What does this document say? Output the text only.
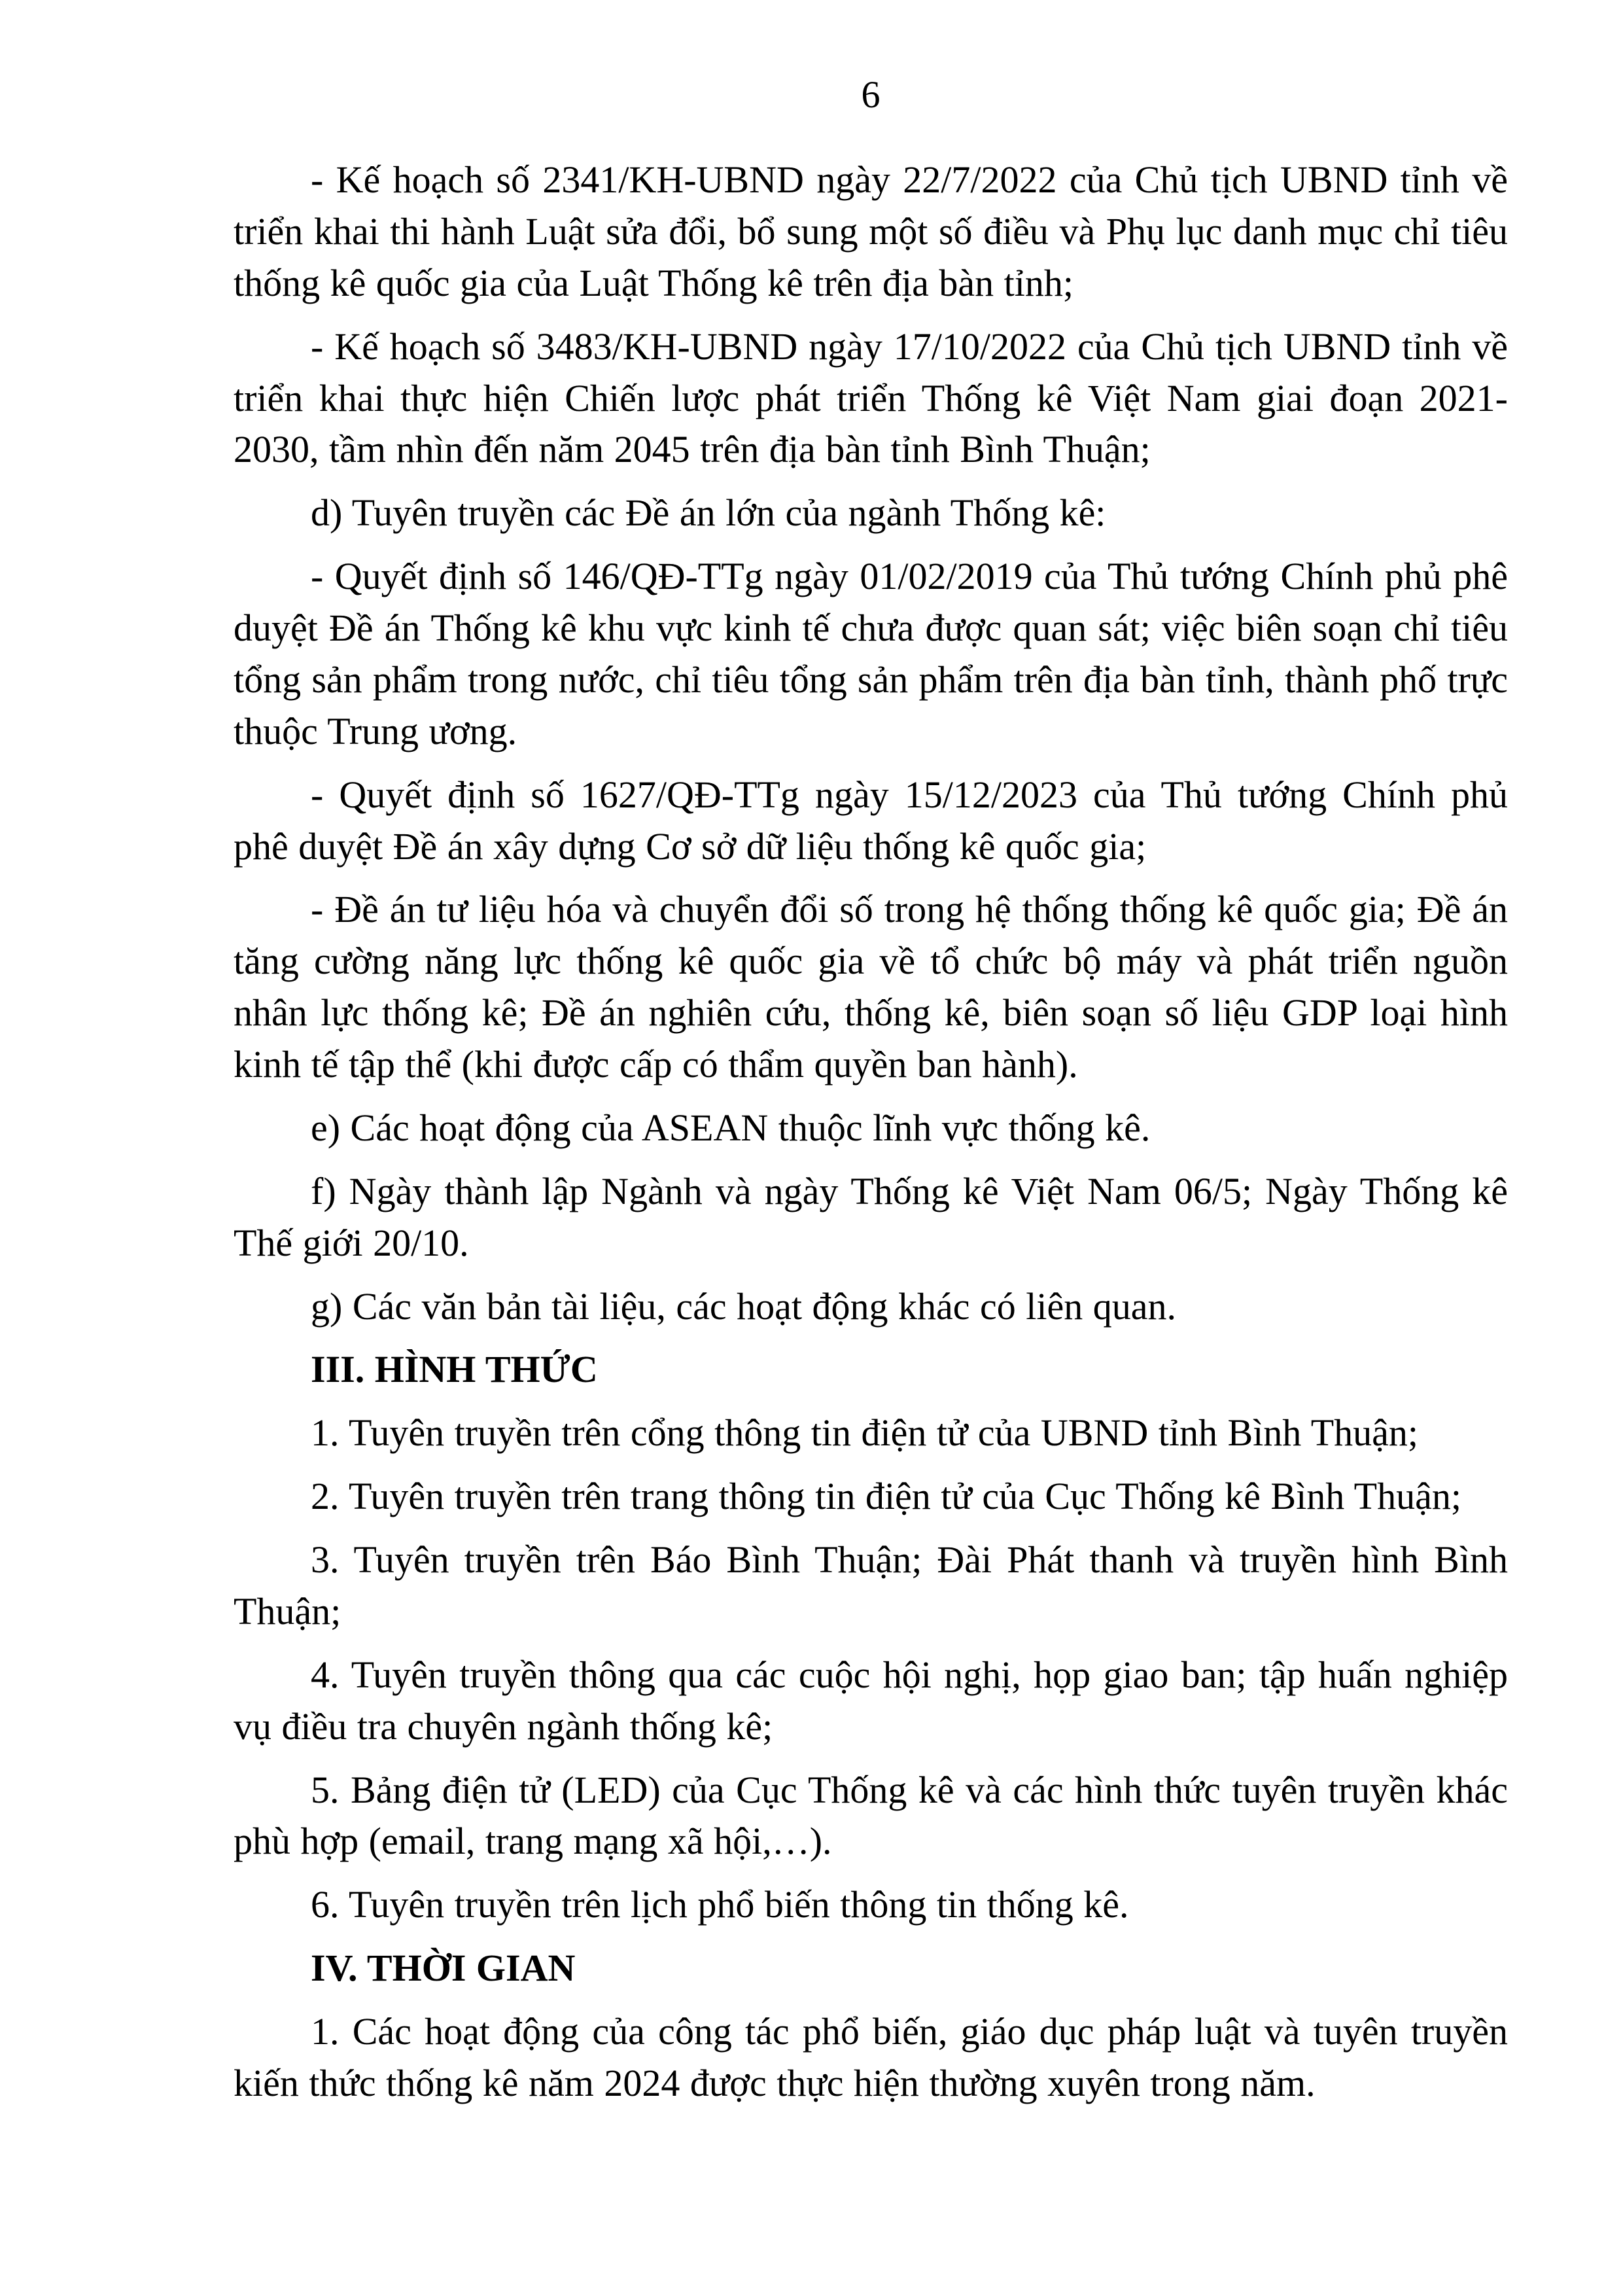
6

- Kế hoạch số 2341/KH-UBND ngày 22/7/2022 của Chủ tịch UBND tỉnh về triển khai thi hành Luật sửa đổi, bổ sung một số điều và Phụ lục danh mục chỉ tiêu thống kê quốc gia của Luật Thống kê trên địa bàn tỉnh;

- Kế hoạch số 3483/KH-UBND ngày 17/10/2022 của Chủ tịch UBND tỉnh về triển khai thực hiện Chiến lược phát triển Thống kê Việt Nam giai đoạn 2021-2030, tầm nhìn đến năm 2045 trên địa bàn tỉnh Bình Thuận;

d) Tuyên truyền các Đề án lớn của ngành Thống kê:

- Quyết định số 146/QĐ-TTg ngày 01/02/2019 của Thủ tướng Chính phủ phê duyệt Đề án Thống kê khu vực kinh tế chưa được quan sát; việc biên soạn chỉ tiêu tổng sản phẩm trong nước, chỉ tiêu tổng sản phẩm trên địa bàn tỉnh, thành phố trực thuộc Trung ương.

- Quyết định số 1627/QĐ-TTg ngày 15/12/2023 của Thủ tướng Chính phủ phê duyệt Đề án xây dựng Cơ sở dữ liệu thống kê quốc gia;

- Đề án tư liệu hóa và chuyển đổi số trong hệ thống thống kê quốc gia; Đề án tăng cường năng lực thống kê quốc gia về tổ chức bộ máy và phát triển nguồn nhân lực thống kê; Đề án nghiên cứu, thống kê, biên soạn số liệu GDP loại hình kinh tế tập thể (khi được cấp có thẩm quyền ban hành).

e) Các hoạt động của ASEAN thuộc lĩnh vực thống kê.

f) Ngày thành lập Ngành và ngày Thống kê Việt Nam 06/5; Ngày Thống kê Thế giới 20/10.

g) Các văn bản tài liệu, các hoạt động khác có liên quan.

III. HÌNH THỨC

1. Tuyên truyền trên cổng thông tin điện tử của UBND tỉnh Bình Thuận;

2. Tuyên truyền trên trang thông tin điện tử của Cục Thống kê Bình Thuận;

3. Tuyên truyền trên Báo Bình Thuận; Đài Phát thanh và truyền hình Bình Thuận;

4. Tuyên truyền thông qua các cuộc hội nghị, họp giao ban; tập huấn nghiệp vụ điều tra chuyên ngành thống kê;

5. Bảng điện tử (LED) của Cục Thống kê và các hình thức tuyên truyền khác phù hợp (email, trang mạng xã hội,…).

6. Tuyên truyền trên lịch phổ biến thông tin thống kê.

IV. THỜI GIAN

1. Các hoạt động của công tác phổ biến, giáo dục pháp luật và tuyên truyền kiến thức thống kê năm 2024 được thực hiện thường xuyên trong năm.
